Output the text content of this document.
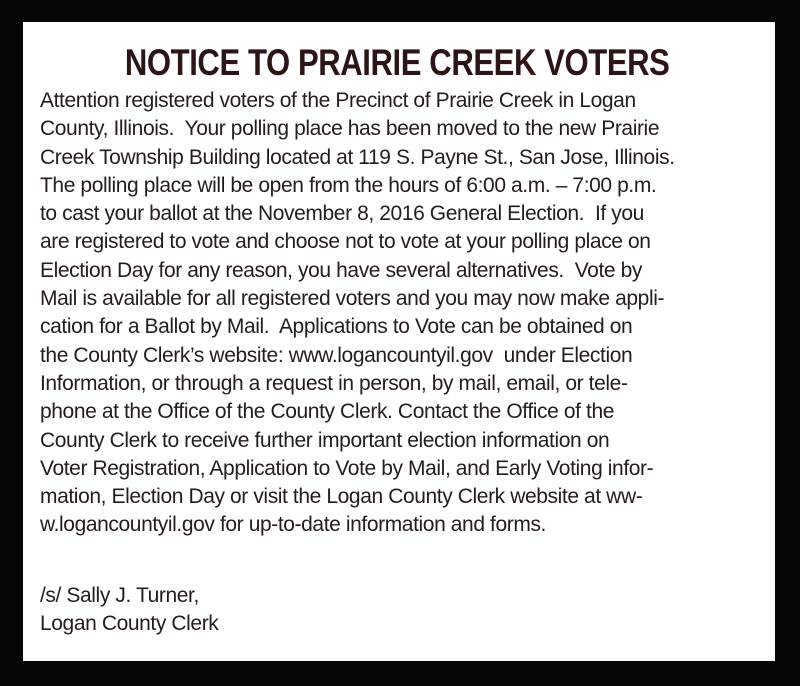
NOTICE TO PRAIRIE CREEK VOTERS
Attention registered voters of the Precinct of Prairie Creek in Logan
County, Illinois.  Your polling place has been moved to the new Prairie
Creek Township Building located at 119 S. Payne St., San Jose, Illinois.
The polling place will be open from the hours of 6:00 a.m. – 7:00 p.m.
to cast your ballot at the November 8, 2016 General Election.  If you
are registered to vote and choose not to vote at your polling place on
Election Day for any reason, you have several alternatives.  Vote by
Mail is available for all registered voters and you may now make appli-
cation for a Ballot by Mail.  Applications to Vote can be obtained on
the County Clerk’s website: www.logancountyil.gov  under Election
Information, or through a request in person, by mail, email, or tele-
phone at the Office of the County Clerk. Contact the Office of the
County Clerk to receive further important election information on
Voter Registration, Application to Vote by Mail, and Early Voting infor-
mation, Election Day or visit the Logan County Clerk website at ww-
w.logancountyil.gov for up-to-date information and forms.
/s/ Sally J. Turner,
Logan County Clerk
